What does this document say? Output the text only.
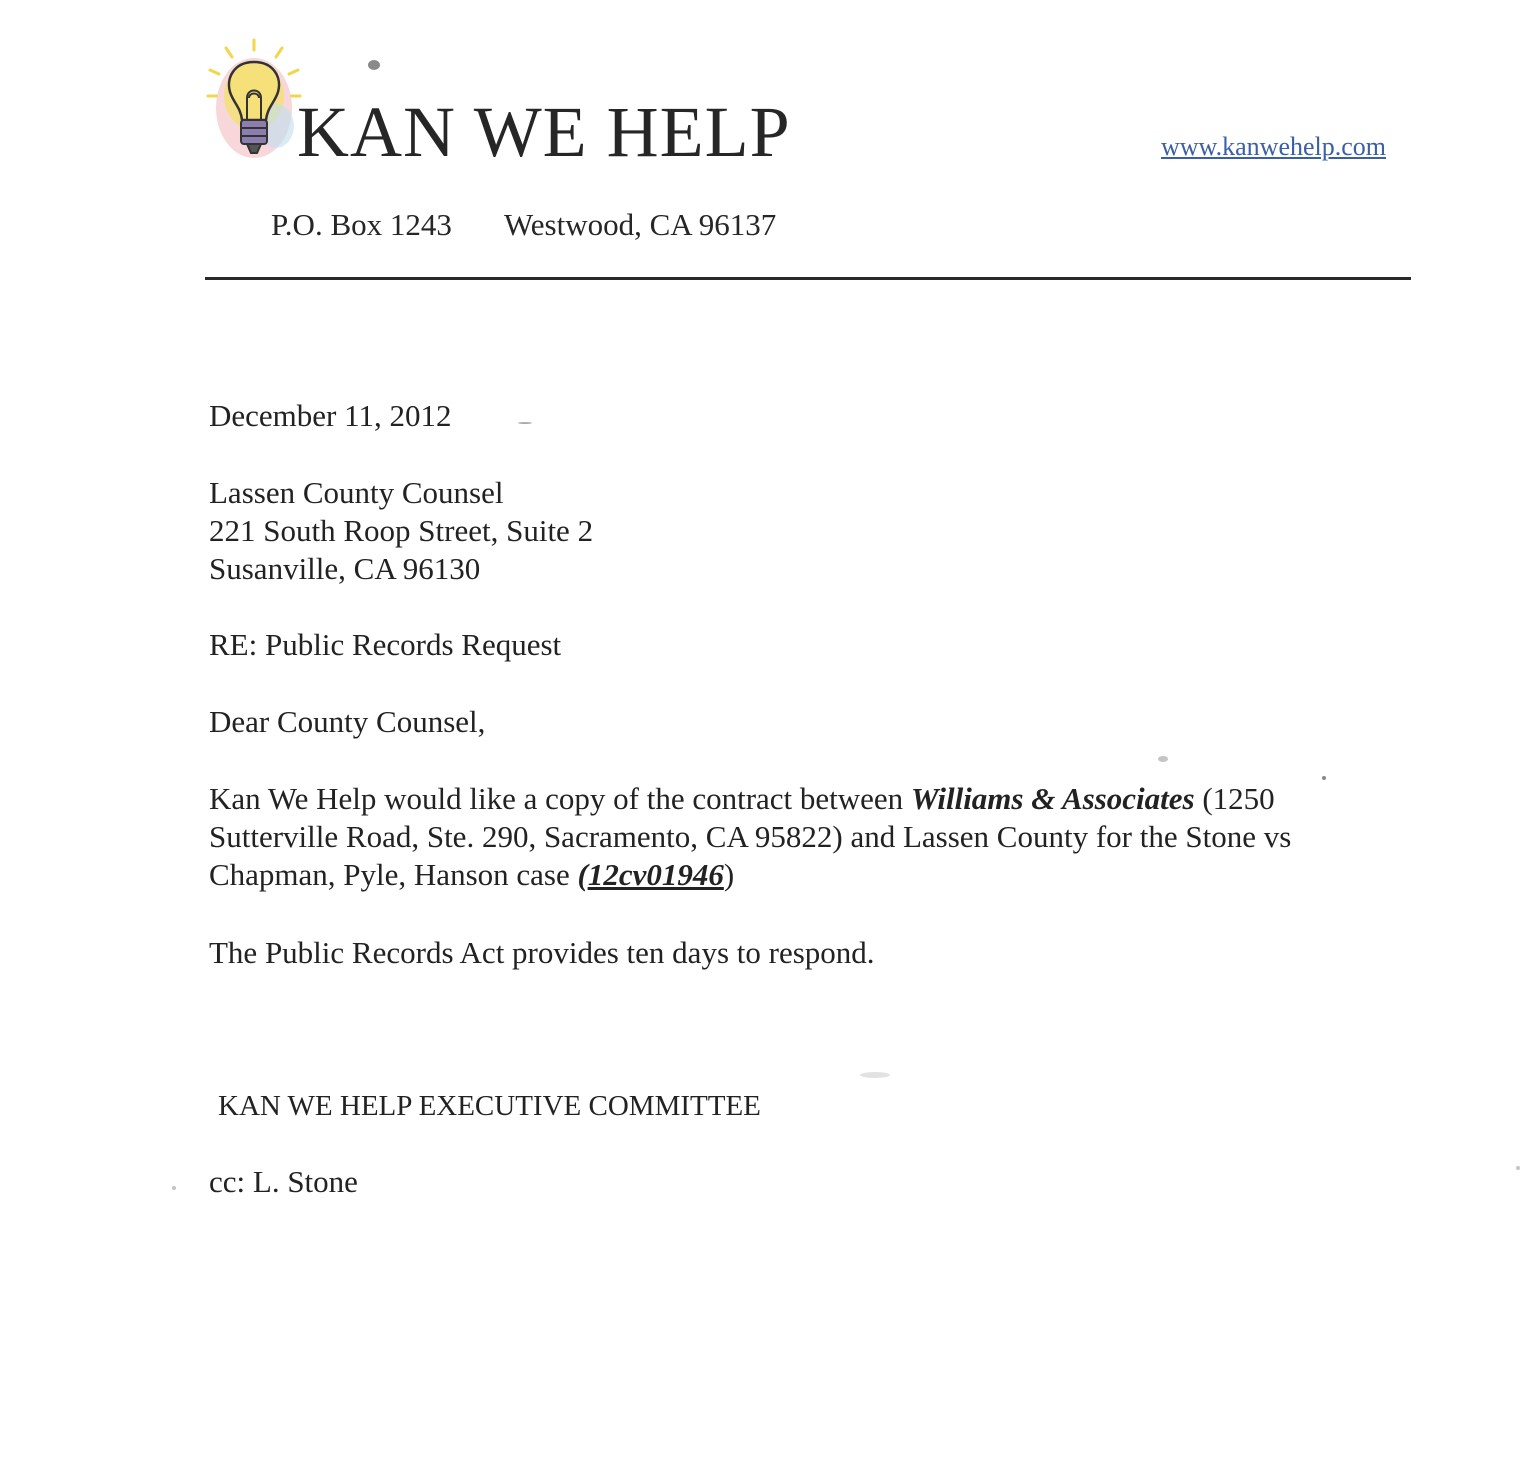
KAN WE HELP	www.kanwehelp.com
P.O. Box 1243 Westwood, CA 96137
December 11, 2012
Lassen County Counsel
221 South Roop Street, Suite 2
Susanville, CA 96130
RE: Public Records Request
Dear County Counsel,
Kan We Help would like a copy of the contract between Williams & Associates (1250
Sutterville Road, Ste. 290, Sacramento, CA 95822) and Lassen County for the Stone vs
Chapman, Pyle, Hanson case (12cv01946)
The Public Records Act provides ten days to respond.
KAN WE HELP EXECUTIVE COMMITTEE
cc: L. Stone
